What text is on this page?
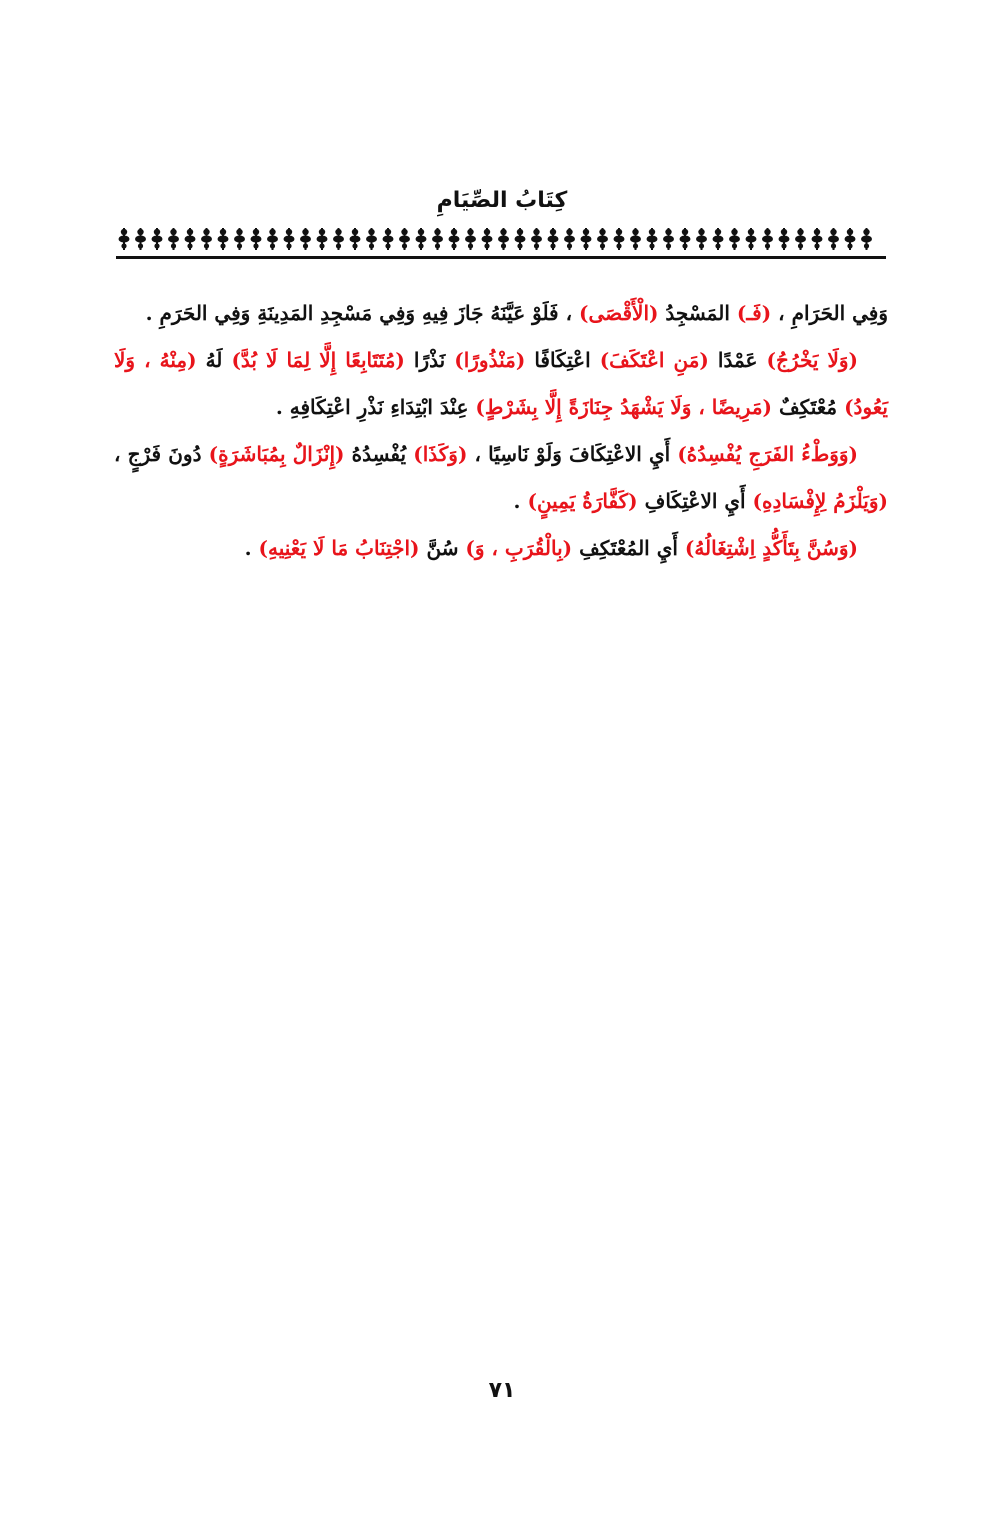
كِتَابُ الصِّيَامِ

وَفِي الحَرَامِ ، (فَـ) المَسْجِدُ (الْأَقْصَى) ، فَلَوْ عَيَّنَهُ جَازَ فِيهِ وَفِي مَسْجِدِ المَدِينَةِ وَفِي الحَرَمِ .

(وَلَا يَخْرُجُ) عَمْدًا (مَنِ اعْتَكَفَ) اعْتِكَافًا (مَنْذُورًا) نَذْرًا (مُتَتَابِعًا إِلَّا لِمَا لَا بُدَّ) لَهُ (مِنْهُ ، وَلَا يَعُودُ) مُعْتَكِفٌ (مَرِيضًا ، وَلَا يَشْهَدُ جِنَازَةً إِلَّا بِشَرْطٍ) عِنْدَ ابْتِدَاءِ نَذْرِ اعْتِكَافِهِ .

(وَوَطْءُ الفَرَجِ يُفْسِدُهُ) أَيِ الاعْتِكَافَ وَلَوْ نَاسِيًا ، (وَكَذَا) يُفْسِدُهُ (إِنْزَالٌ بِمُبَاشَرَةٍ) دُونَ فَرْجٍ ، (وَيَلْزَمُ لِإِفْسَادِهِ) أَيِ الاعْتِكَافِ (كَفَّارَةُ يَمِينٍ) .

(وَسُنَّ بِتَأَكُّدٍ اِشْتِغَالُهُ) أَيِ المُعْتَكِفِ (بِالْقُرَبِ ، وَ) سُنَّ (اجْتِنَابُ مَا لَا يَعْنِيهِ) .

٧١
